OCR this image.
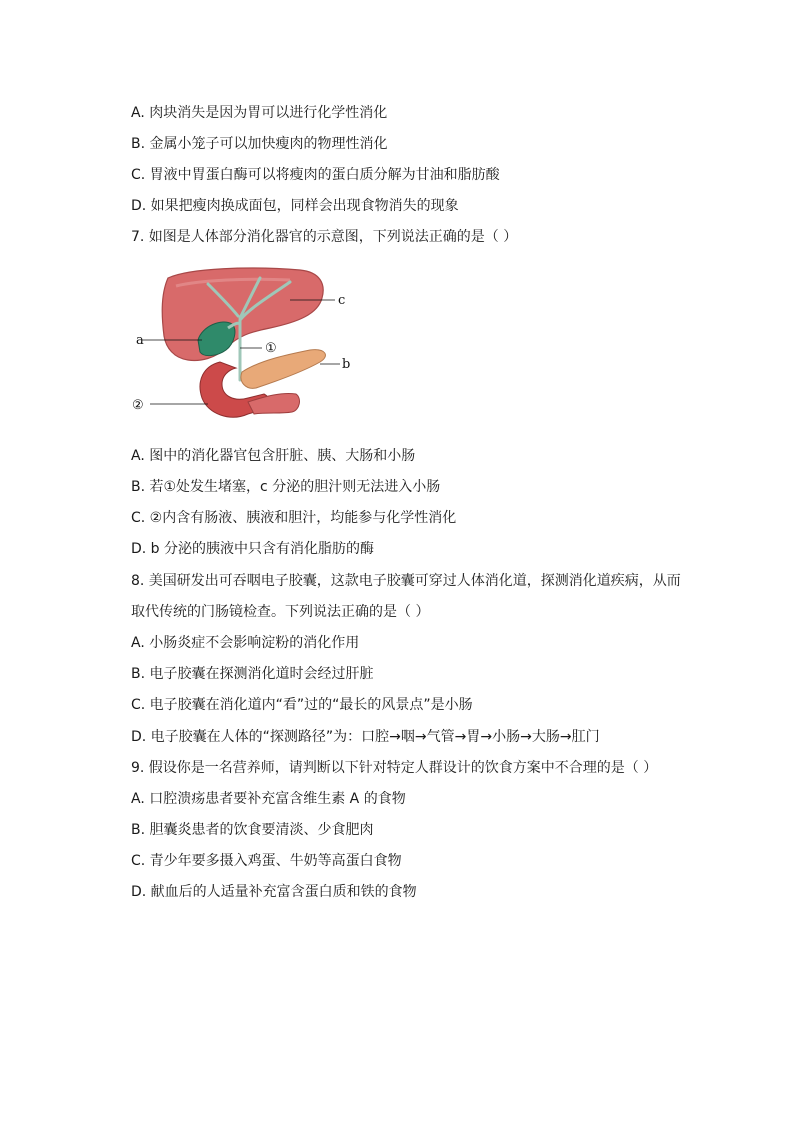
A. 肉块消失是因为胃可以进行化学性消化
B. 金属小笼子可以加快瘦肉的物理性消化
C. 胃液中胃蛋白酶可以将瘦肉的蛋白质分解为甘油和脂肪酸
D. 如果把瘦肉换成面包，同样会出现食物消失的现象
7. 如图是人体部分消化器官的示意图，下列说法正确的是（ ）
a
c
①
b
②
A. 图中的消化器官包含肝脏、胰、大肠和小肠
B. 若①处发生堵塞，c 分泌的胆汁则无法进入小肠
C. ②内含有肠液、胰液和胆汁，均能参与化学性消化
D. b 分泌的胰液中只含有消化脂肪的酶
8. 美国研发出可吞咽电子胶囊，这款电子胶囊可穿过人体消化道，探测消化道疾病，从而
取代传统的门肠镜检查。下列说法正确的是（ ）
A. 小肠炎症不会影响淀粉的消化作用
B. 电子胶囊在探测消化道时会经过肝脏
C. 电子胶囊在消化道内“看”过的“最长的风景点”是小肠
D. 电子胶囊在人体的“探测路径”为：口腔→咽→气管→胃→小肠→大肠→肛门
9. 假设你是一名营养师，请判断以下针对特定人群设计的饮食方案中不合理的是（ ）
A. 口腔溃疡患者要补充富含维生素 A 的食物
B. 胆囊炎患者的饮食要清淡、少食肥肉
C. 青少年要多摄入鸡蛋、牛奶等高蛋白食物
D. 献血后的人适量补充富含蛋白质和铁的食物
